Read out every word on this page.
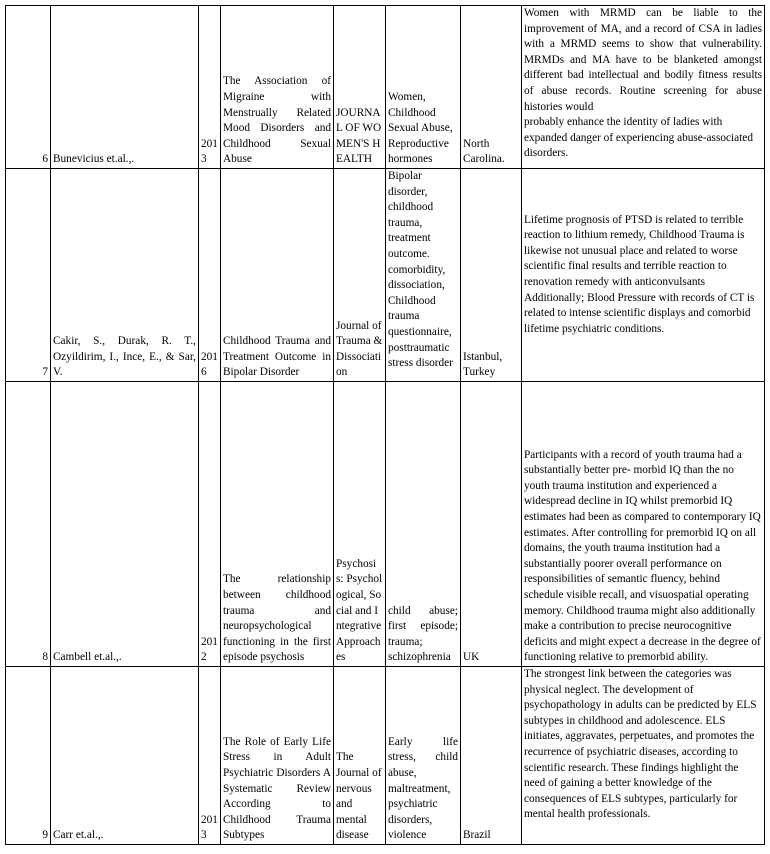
6	Bunevicius et.al.,.	2013	The Association of Migraine with Menstrually Related Mood Disorders and Childhood Sexual Abuse	JOURNAL OF WOMEN'S HEALTH	Women, Childhood Sexual Abuse, Reproductive hormones	North Carolina.	Women with MRMD can be liable to the improvement of MA, and a record of CSA in ladies with a MRMD seems to show that vulnerability. MRMDs and MA have to be blanketed amongst different bad intellectual and bodily fitness results of abuse records. Routine screening for abuse histories would
probably enhance the identity of ladies with expanded danger of experiencing abuse-associated disorders.

7	Cakir, S., Durak, R. T., Ozyildirim, I., Ince, E., & Sar, V.	2016	Childhood Trauma and Treatment Outcome in Bipolar Disorder	Journal of Trauma & Dissociation	Bipolar disorder, childhood trauma, treatment outcome. comorbidity, dissociation, Childhood trauma questionnaire, posttraumatic stress disorder	Istanbul, Turkey	Lifetime prognosis of PTSD is related to terrible reaction to lithium remedy, Childhood Trauma is likewise not unusual place and related to worse scientific final results and terrible reaction to renovation remedy with anticonvulsants Additionally; Blood Pressure with records of CT is related to intense scientific displays and comorbid lifetime psychiatric conditions.

8	Cambell et.al.,.	2012	The relationship between childhood trauma and neuropsychological functioning in the first episode psychosis	Psychosis: Psychological, Social and Integrative Approaches	child abuse; first episode; trauma; schizophrenia	UK	Participants with a record of youth trauma had a substantially better pre- morbid IQ than the no youth trauma institution and experienced a widespread decline in IQ whilst premorbid IQ estimates had been as compared to contemporary IQ estimates. After controlling for premorbid IQ on all domains, the youth trauma institution had a substantially poorer overall performance on responsibilities of semantic fluency, behind schedule visible recall, and visuospatial operating memory. Childhood trauma might also additionally make a contribution to precise neurocognitive deficits and might expect a decrease in the degree of functioning relative to premorbid ability.

9	Carr et.al.,.	2013	The Role of Early Life Stress in Adult Psychiatric Disorders A Systematic Review According to Childhood Trauma Subtypes	The Journal of nervous and mental disease	Early life stress, child abuse, maltreatment, psychiatric disorders, violence	Brazil	The strongest link between the categories was physical neglect. The development of psychopathology in adults can be predicted by ELS subtypes in childhood and adolescence. ELS initiates, aggravates, perpetuates, and promotes the recurrence of psychiatric diseases, according to scientific research. These findings highlight the need of gaining a better knowledge of the consequences of ELS subtypes, particularly for mental health professionals.
